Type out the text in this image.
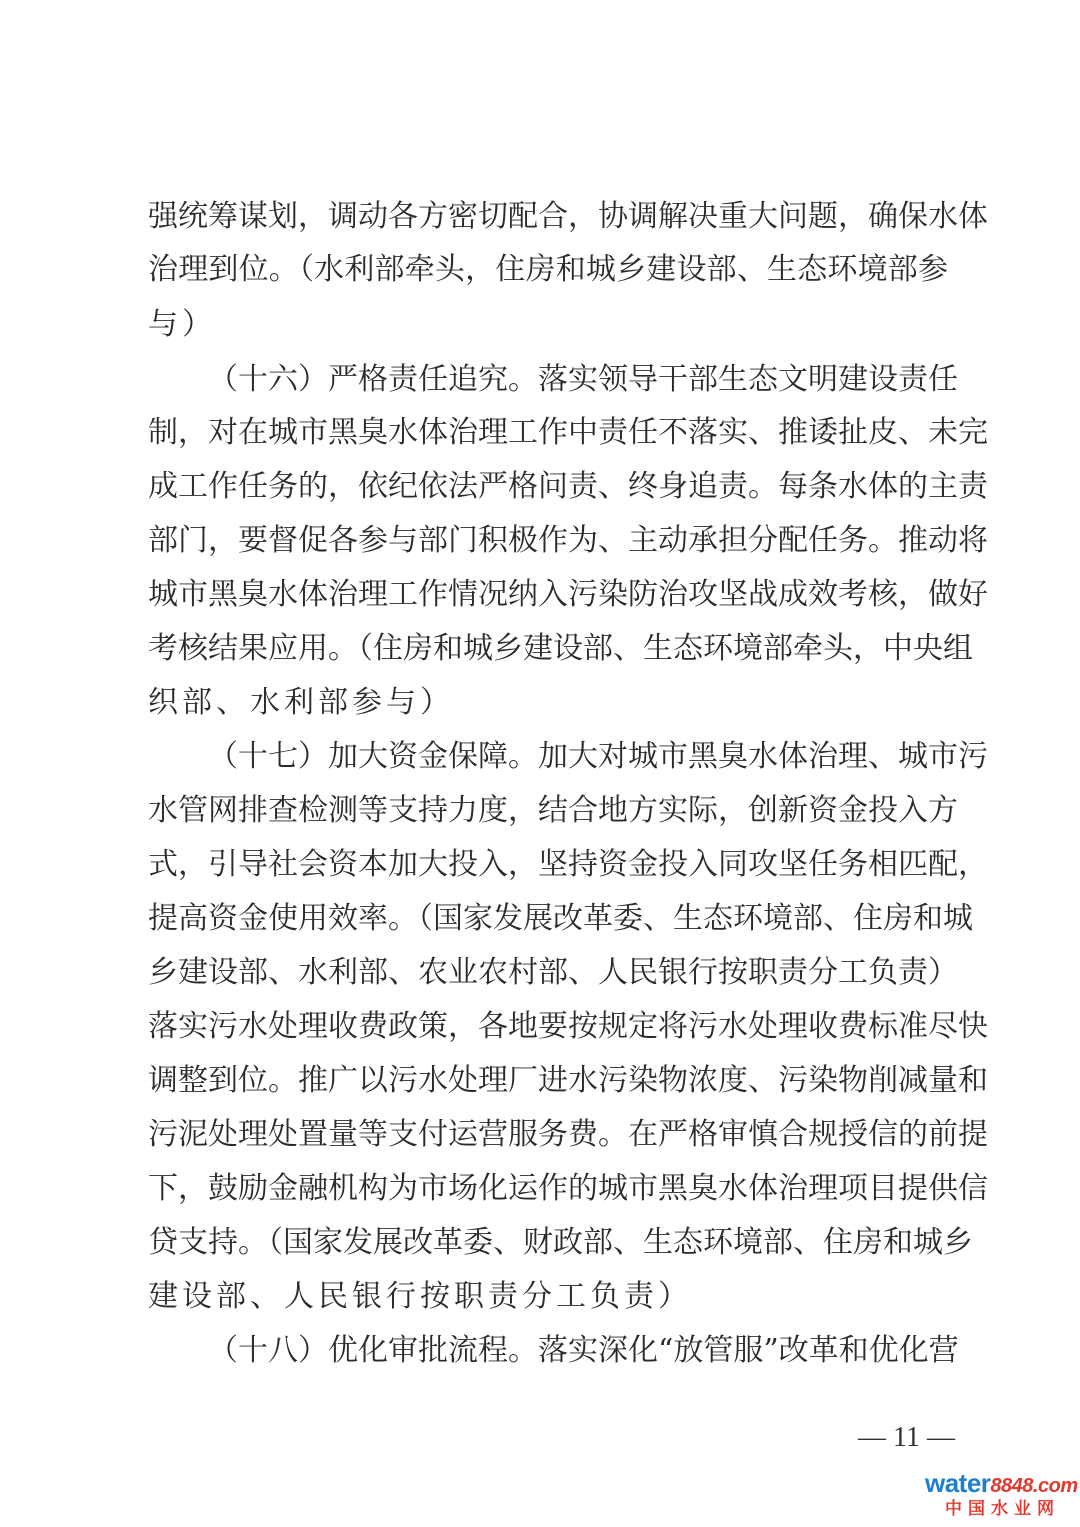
强统筹谋划，调动各方密切配合，协调解决重大问题，确保水体
治理到位。（水利部牵头，住房和城乡建设部、生态环境部参
与）
（十六）严格责任追究。落实领导干部生态文明建设责任
制，对在城市黑臭水体治理工作中责任不落实、推诿扯皮、未完
成工作任务的，依纪依法严格问责、终身追责。每条水体的主责
部门，要督促各参与部门积极作为、主动承担分配任务。推动将
城市黑臭水体治理工作情况纳入污染防治攻坚战成效考核，做好
考核结果应用。（住房和城乡建设部、生态环境部牵头，中央组
织部、水利部参与）
（十七）加大资金保障。加大对城市黑臭水体治理、城市污
水管网排查检测等支持力度，结合地方实际，创新资金投入方
式，引导社会资本加大投入，坚持资金投入同攻坚任务相匹配，
提高资金使用效率。（国家发展改革委、生态环境部、住房和城
乡建设部、水利部、农业农村部、人民银行按职责分工负责）
落实污水处理收费政策，各地要按规定将污水处理收费标准尽快
调整到位。推广以污水处理厂进水污染物浓度、污染物削减量和
污泥处理处置量等支付运营服务费。在严格审慎合规授信的前提
下，鼓励金融机构为市场化运作的城市黑臭水体治理项目提供信
贷支持。（国家发展改革委、财政部、生态环境部、住房和城乡
建设部、人民银行按职责分工负责）
（十八）优化审批流程。落实深化“放管服”改革和优化营
— 11 —
water8848.com
中国水业网
